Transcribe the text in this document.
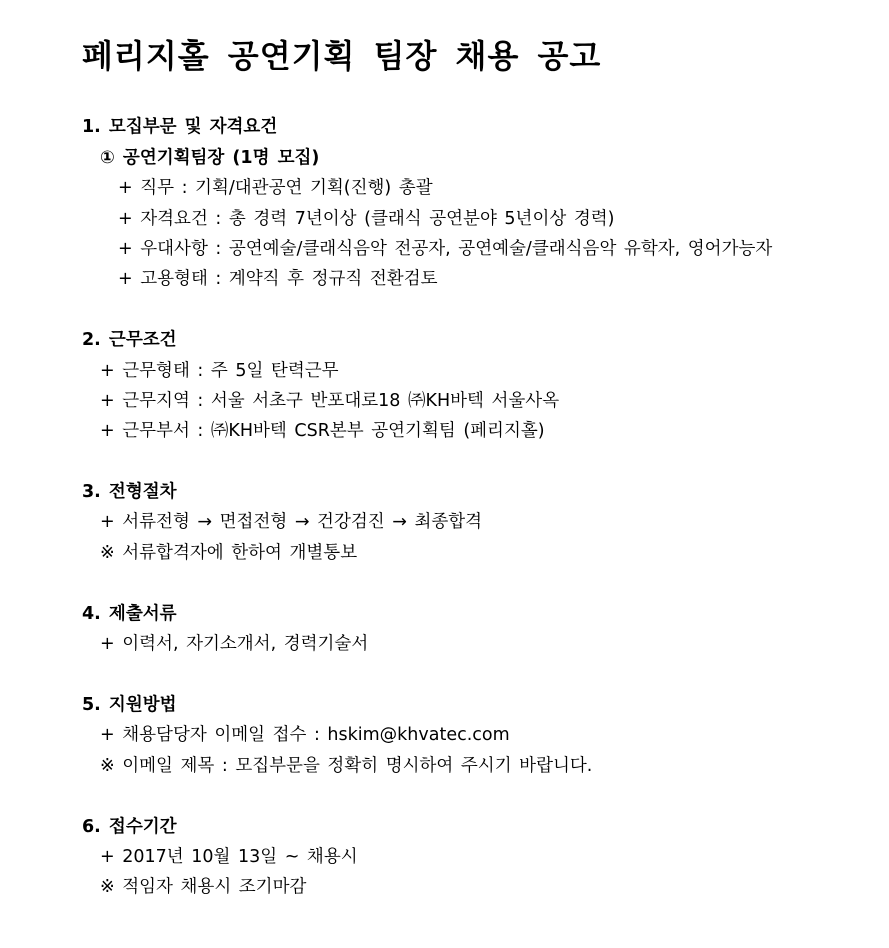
페리지홀 공연기획 팀장 채용 공고
1. 모집부문 및 자격요건
① 공연기획팀장 (1명 모집)
+ 직무 : 기획/대관공연 기획(진행) 총괄
+ 자격요건 : 총 경력 7년이상 (클래식 공연분야 5년이상 경력)
+ 우대사항 : 공연예술/클래식음악 전공자, 공연예술/클래식음악 유학자, 영어가능자
+ 고용형태 : 계약직 후 정규직 전환검토
2. 근무조건
+ 근무형태 : 주 5일 탄력근무
+ 근무지역 : 서울 서초구 반포대로18 ㈜KH바텍 서울사옥
+ 근무부서 : ㈜KH바텍 CSR본부 공연기획팀 (페리지홀)
3. 전형절차
+ 서류전형 → 면접전형 → 건강검진 → 최종합격
※ 서류합격자에 한하여 개별통보
4. 제출서류
+ 이력서, 자기소개서, 경력기술서
5. 지원방법
+ 채용담당자 이메일 접수 : hskim@khvatec.com
※ 이메일 제목 : 모집부문을 정확히 명시하여 주시기 바랍니다.
6. 접수기간
+ 2017년 10월 13일 ~ 채용시
※ 적임자 채용시 조기마감
